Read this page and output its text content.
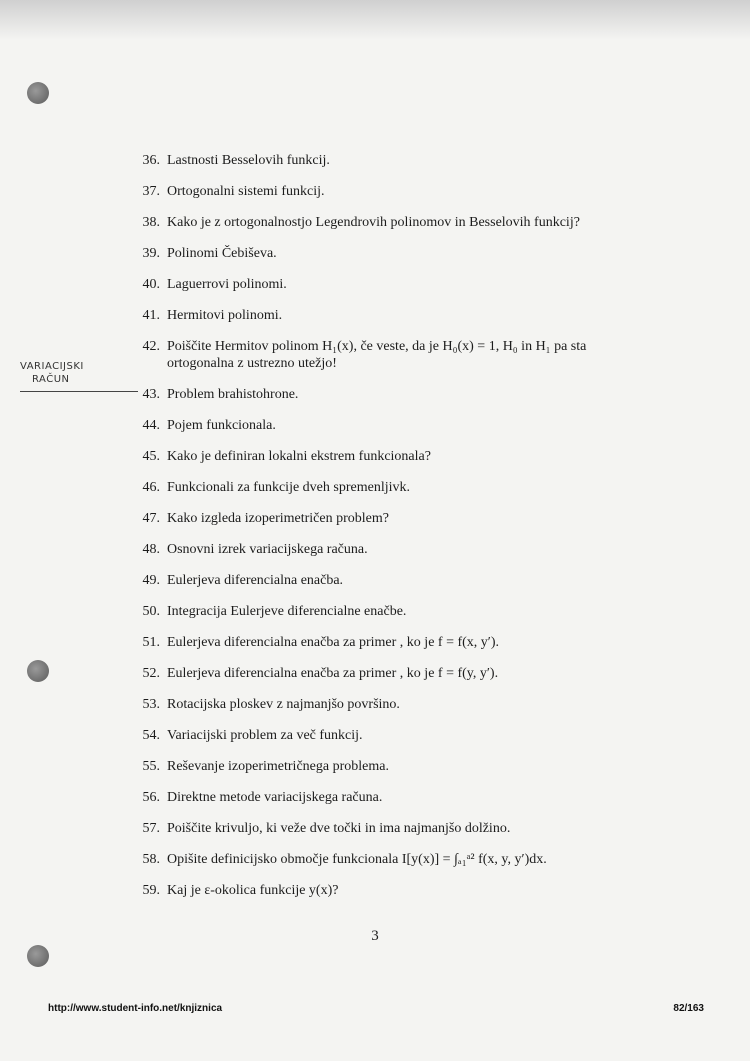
VARIACIJSKI
RAČUN
36. Lastnosti Besselovih funkcij.
37. Ortogonalni sistemi funkcij.
38. Kako je z ortogonalnostjo Legendrovih polinomov in Besselovih funkcij?
39. Polinomi Čebiševa.
40. Laguerrovi polinomi.
41. Hermitovi polinomi.
42. Poiščite Hermitov polinom H₁(x), če veste, da je H₀(x) = 1, H₀ in H₁ pa sta ortogonalna z ustrezno utežjo!
43. Problem brahistohrone.
44. Pojem funkcionala.
45. Kako je definiran lokalni ekstrem funkcionala?
46. Funkcionali za funkcije dveh spremenljivk.
47. Kako izgleda izoperimetričen problem?
48. Osnovni izrek variacijskega računa.
49. Eulerjeva diferencialna enačba.
50. Integracija Eulerjeve diferencialne enačbe.
51. Eulerjeva diferencialna enačba za primer , ko je f = f(x, y′).
52. Eulerjeva diferencialna enačba za primer , ko je f = f(y, y′).
53. Rotacijska ploskev z najmanjšo površino.
54. Variacijski problem za več funkcij.
55. Reševanje izoperimetričnega problema.
56. Direktne metode variacijskega računa.
57. Poiščite krivuljo, ki veže dve točki in ima najmanjšo dolžino.
58. Opišite definicijsko območje funkcionala I[y(x)] = ∫ₐ₁ᵃ² f(x, y, y′)dx.
59. Kaj je ε-okolica funkcije y(x)?
3
http://www.student-info.net/knjiznica	82/163
